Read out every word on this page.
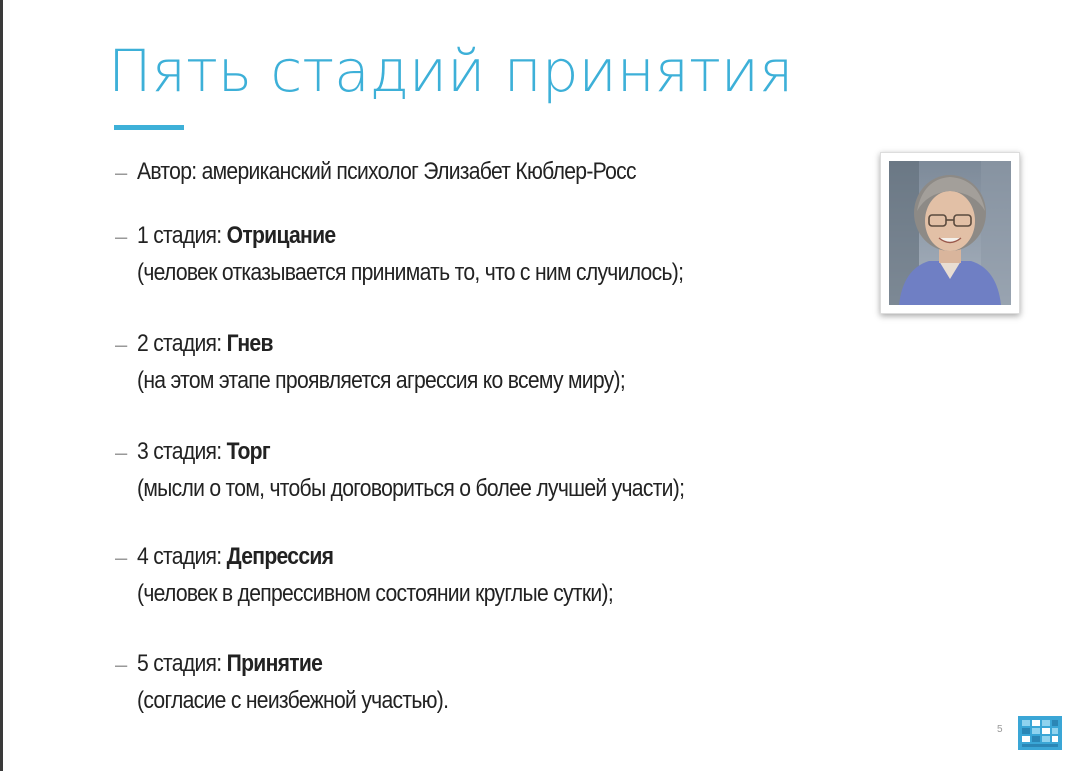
Пять стадий принятия
– Автор: американский психолог Элизабет Кюблер-Росс
– 1 стадия: Отрицание
(человек отказывается принимать то, что с ним случилось);
– 2 стадия: Гнев
(на этом этапе проявляется агрессия ко всему миру);
– 3 стадия: Торг
(мысли о том, чтобы договориться о более лучшей участи);
– 4 стадия: Депрессия
(человек в депрессивном состоянии круглые сутки);
– 5 стадия: Принятие
(согласие с неизбежной участью).
5
